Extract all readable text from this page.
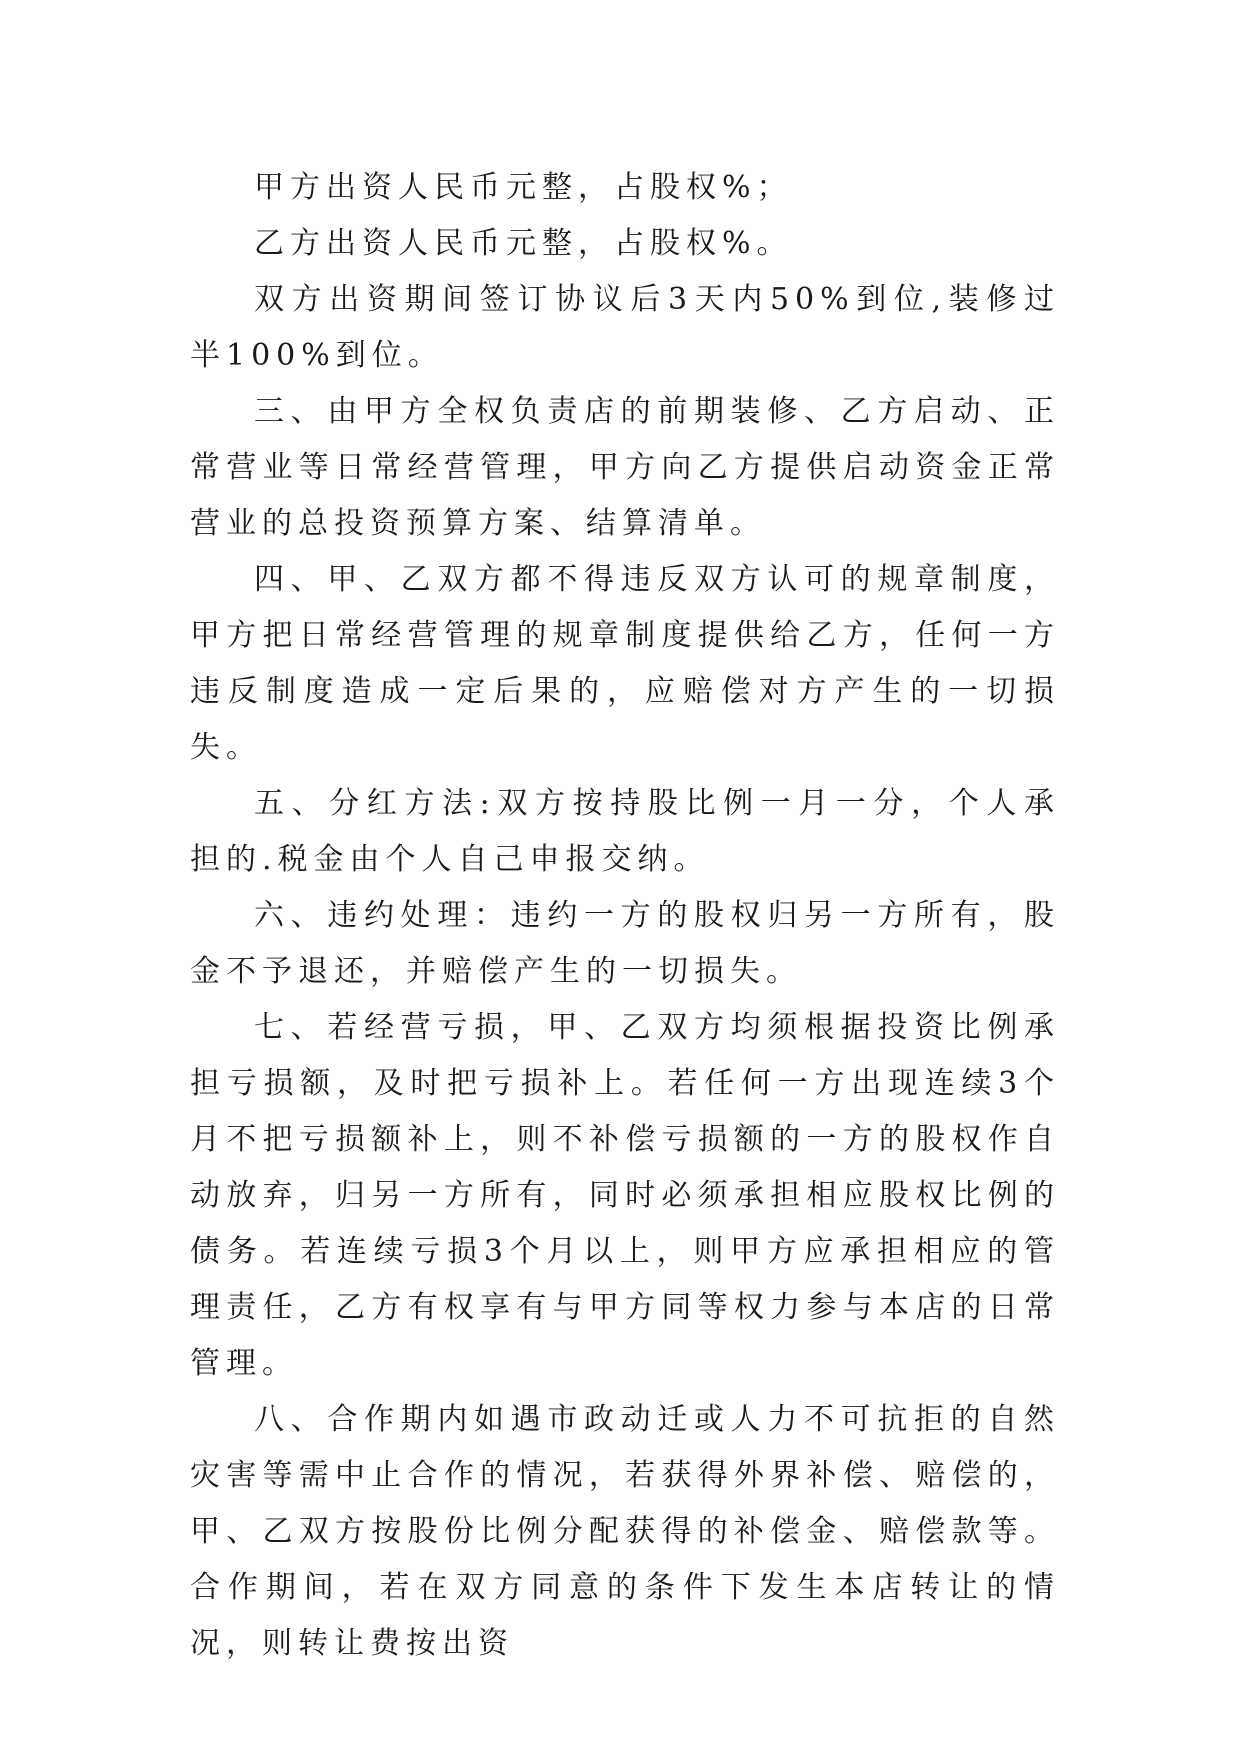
甲方出资人民币元整，占股权%；

乙方出资人民币元整，占股权%。

双方出资期间签订协议后3天内50%到位,装修过半100%到位。

三、由甲方全权负责店的前期装修、乙方启动、正常营业等日常经营管理，甲方向乙方提供启动资金正常营业的总投资预算方案、结算清单。

四、甲、乙双方都不得违反双方认可的规章制度，甲方把日常经营管理的规章制度提供给乙方，任何一方违反制度造成一定后果的，应赔偿对方产生的一切损失。

五、分红方法:双方按持股比例一月一分，个人承担的.税金由个人自己申报交纳。

六、违约处理：违约一方的股权归另一方所有，股金不予退还，并赔偿产生的一切损失。

七、若经营亏损，甲、乙双方均须根据投资比例承担亏损额，及时把亏损补上。若任何一方出现连续3个月不把亏损额补上，则不补偿亏损额的一方的股权作自动放弃，归另一方所有，同时必须承担相应股权比例的债务。若连续亏损3个月以上，则甲方应承担相应的管理责任，乙方有权享有与甲方同等权力参与本店的日常管理。

八、合作期内如遇市政动迁或人力不可抗拒的自然灾害等需中止合作的情况，若获得外界补偿、赔偿的，甲、乙双方按股份比例分配获得的补偿金、赔偿款等。合作期间，若在双方同意的条件下发生本店转让的情况，则转让费按出资
